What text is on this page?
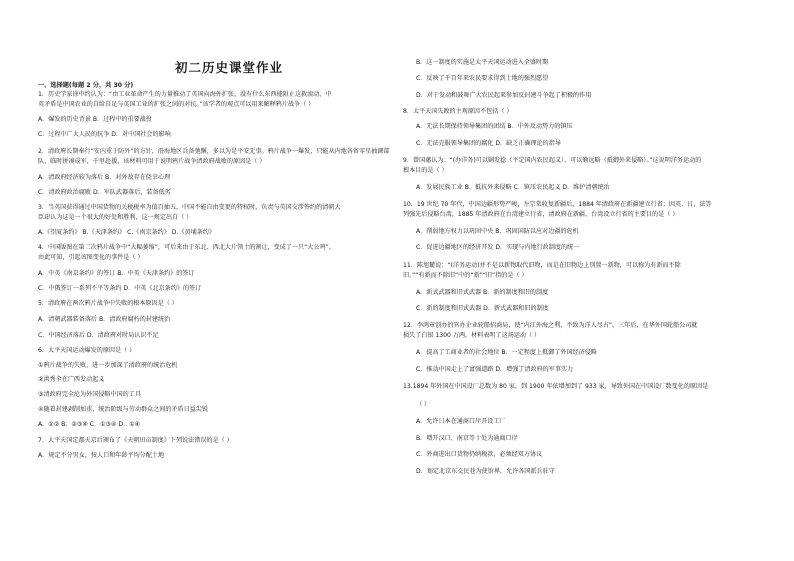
初二历史课堂作业
一、选择题(每题 2 分，共 30 分)
1．历史学家徐中约认为：“由工业革命产生的力量推动了英国向海外扩张，没有什么东西能阻止这救滚动，中
英矛盾是中国农业的自给自足与英国工业的扩张之间的对抗。”该学者的观点可以用来解释鸦片战争（ ）
A．爆发的历史背景 B．过程中的重要战役
C．过程中广大人民的抗争 D．对中国社会的影响
2．清政府长期奉行“安内重于防外”的方针，沿海地区兵备弛懈，多以为是平安无事。鸦片战争一爆发，只能从内地各省零星抽调部
队，临时拼凑成军，千里赴援，该材料可用于说明鸦片战争清政府战败的原因是（ ）
A．清政府经济较为落后 B．对外敌存在侥幸心理
C．清政府政治腐败 D．军队武器落后，装备低劣
3．当英国获得通过中国货物的关税税率为值百抽五，中国不能自由变更的特权时，负责与英国交涉签约的清朝大
臣却认为这是一个很大的好处和胜利，这一规定出自（ ）
A.《望厦条约》 B.《天津条约》 C.《南京条约》 D.《黄埔条约》
4．中国版图在第二次鸦片战争中“大幅萎缩”，可后来由于东北、西北大片领土的割让，变成了一只“大公鸡”。
由此可知，引起该图变化的事件是（ ）
A．中英《南京条约》的签订 B．中英《天津条约》的签订
C．中俄签订一系列不平等条约 D．中英《北京条约》的签订
5．清政府在两次鸦片战争中失败的根本原因是（ ）
A．清朝武器装备落后 B．清政府腐朽的封建统治
C．中国经济落后 D．清政府对时局认识不足
6．太平天国运动爆发的原因是（ ）
①鸦片战争的失败，进一步加深了清政府的统治危机
②洪秀全在广西发动起义
③清政府完全沦为外国侵略中国的工具
④随着封建剥削加重，统治阶级与劳动群众之间的矛盾日益尖锐
A．①② B．②③④ C．①③④ D．①④
7．太平天国定都天京后颁布了《天朝田亩制度》下列说法错误的是（ ）
A．规定不分男女，按人口和年龄平均分配土地
B．这一制度的实施是太平天国运动进入全盛时期
C．反映了千百年来农民要求得到土地的强烈愿望
D．对于发动和鼓舞广大农民起来参加反封建斗争起了积极的作用
8．太平天国失败的主观原因不包括（ ）
A．无法长期保持领导集团的团结 B．中外反动势力的镇压
C．无法克服领导集团的腐化 D．缺乏正确理论的指导
9．曾国藩认为：“(办洋务)可以剿发捻（平定国内农民起义），可以勤远略（抵御外来侵略）。”这说明洋务运动的
根本目的是（ ）
A．发展民族工业 B．抵抗外来侵略 C．镇压农民起义 D．维护清朝统治
10．19 世纪 70 年代，中国边疆形势严峻，左宗棠收复新疆后，1884 年清政府在新疆建立行省；因英、日、法等
列强先后侵略台湾，1885 年清政府在台湾建立行省，清政府在新疆、台湾设立行省的主要目的是（ ）
A．削弱地方权力以巩固中央 B．巩固国防以应对边疆的危机
C．促进边疆地区的经济开发 D．实现与内地行政制度的统一
11．陈旭麓说：“(洋务运动)并不是以新物取代旧物，而是在旧物边上别置一新物，可以称为有新而不除
旧。”“有新而不除旧”中的“新”“旧”指的是（ ）
A．新式武器和旧式武器 B．新的制度和旧的制度
C．新的制度和旧式武器 D．新式武器和旧的制度
12．李鸿章创办的官办企业轮船招商局，使“内江外海之利，不致为洋人尽占”，三年后，在华外国轮船公司就
损失了白银 1300 万两，材料表明了这场运动（ ）
A．提高了工商业者的社会地位 B．一定程度上抵御了外国经济侵略
C．推动中国走上了富强道路 D．增强了清政府的军事实力
13.1894 年外国在中国设厂总数为 80 家，到 1900 年依增加到了 933 家，导致外国在中国设厂数变化的原因是
（ ）
A．允许日本在通商口岸开设工厂
B．增开汉口、南京等十处为通商口岸
C．外商进出口货物仍纳税款，必须经双方协议
D．划定北京东交民巷为使馆界，允许各国派兵驻守
